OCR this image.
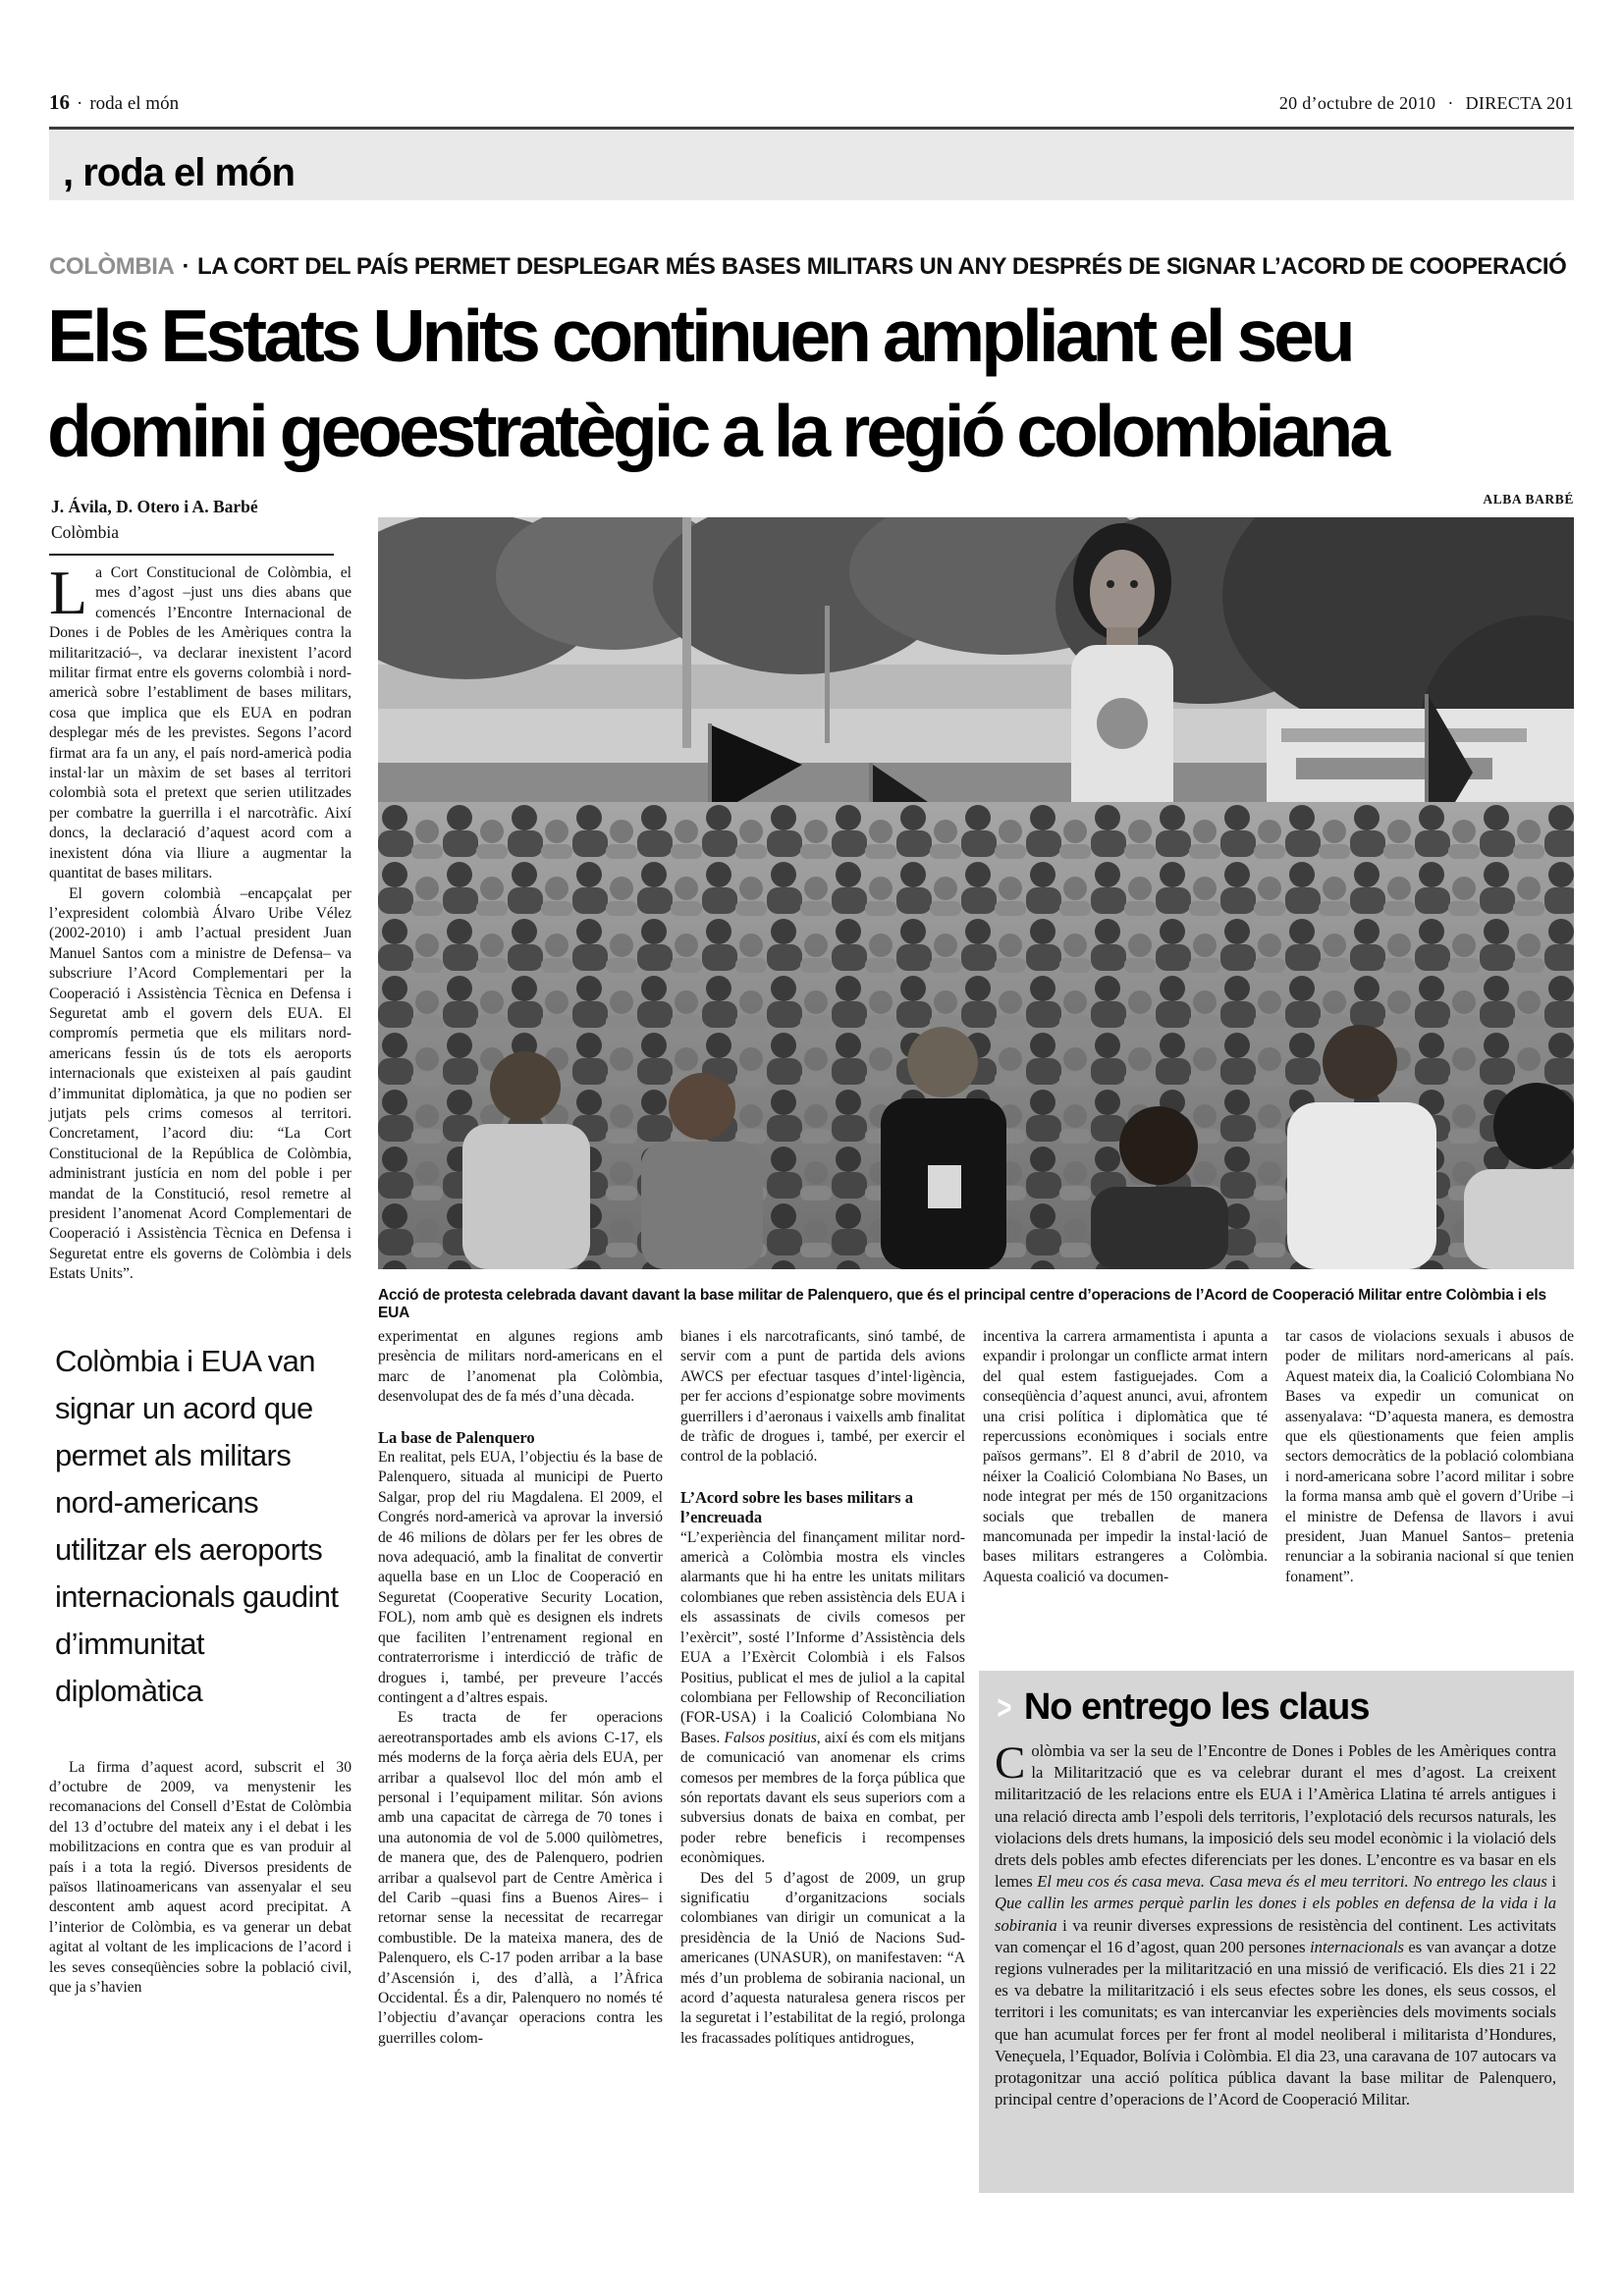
16 · roda el món	20 d’octubre de 2010 · DIRECTA 201
, roda el món
COLÒMBIA · LA CORT DEL PAÍS PERMET DESPLEGAR MÉS BASES MILITARS UN ANY DESPRÉS DE SIGNAR L’ACORD DE COOPERACIÓ
Els Estats Units continuen ampliant el seu domini geoestratègic a la regió colombiana
J. Ávila, D. Otero i A. Barbé
Colòmbia
ALBA BARBÉ
Acció de protesta celebrada davant davant la base militar de Palenquero, que és el principal centre d’operacions de l’Acord de Cooperació Militar entre Colòmbia i els EUA

La Cort Constitucional de Colòmbia, el mes d’agost –just uns dies abans que comencés l’Encontre Internacional de Dones i de Pobles de les Amèriques contra la militarització–, va declarar inexistent l’acord militar firmat entre els governs colombià i nord-americà sobre l’establiment de bases militars, cosa que implica que els EUA en podran desplegar més de les previstes. Segons l’acord firmat ara fa un any, el país nord-americà podia instal·lar un màxim de set bases al territori colombià sota el pretext que serien utilitzades per combatre la guerrilla i el narcotràfic. Així doncs, la declaració d’aquest acord com a inexistent dóna via lliure a augmentar la quantitat de bases militars.

El govern colombià –encapçalat per l’expresident colombià Álvaro Uribe Vélez (2002-2010) i amb l’actual president Juan Manuel Santos com a ministre de Defensa– va subscriure l’Acord Complementari per la Cooperació i Assistència Tècnica en Defensa i Seguretat amb el govern dels EUA. El compromís permetia que els militars nord-americans fessin ús de tots els aeroports internacionals que existeixen al país gaudint d’immunitat diplomàtica, ja que no podien ser jutjats pels crims comesos al territori. Concretament, l’acord diu: “La Cort Constitucional de la República de Colòmbia, administrant justícia en nom del poble i per mandat de la Constitució, resol remetre al president l’anomenat Acord Complementari de Cooperació i Assistència Tècnica en Defensa i Seguretat entre els governs de Colòmbia i dels Estats Units”.

Colòmbia i EUA van signar un acord que permet als militars nord-americans utilitzar els aeroports internacionals gaudint d’immunitat diplomàtica

La firma d’aquest acord, subscrit el 30 d’octubre de 2009, va menystenir les recomanacions del Consell d’Estat de Colòmbia del 13 d’octubre del mateix any i el debat i les mobilitzacions en contra que es van produir al país i a tota la regió. Diversos presidents de països llatinoamericans van assenyalar el seu descontent amb aquest acord precipitat. A l’interior de Colòmbia, es va generar un debat agitat al voltant de les implicacions de l’acord i les seves conseqüències sobre la població civil, que ja s’havien

experimentat en algunes regions amb presència de militars nord-americans en el marc de l’anomenat pla Colòmbia, desenvolupat des de fa més d’una dècada.

La base de Palenquero

En realitat, pels EUA, l’objectiu és la base de Palenquero, situada al municipi de Puerto Salgar, prop del riu Magdalena. El 2009, el Congrés nord-americà va aprovar la inversió de 46 milions de dòlars per fer les obres de nova adequació, amb la finalitat de convertir aquella base en un Lloc de Cooperació en Seguretat (Cooperative Security Location, FOL), nom amb què es designen els indrets que faciliten l’entrenament regional en contraterrorisme i interdicció de tràfic de drogues i, també, per preveure l’accés contingent a d’altres espais.

Es tracta de fer operacions aereotransportades amb els avions C-17, els més moderns de la força aèria dels EUA, per arribar a qualsevol lloc del món amb el personal i l’equipament militar. Són avions amb una capacitat de càrrega de 70 tones i una autonomia de vol de 5.000 quilòmetres, de manera que, des de Palenquero, podrien arribar a qualsevol part de Centre Amèrica i del Carib –quasi fins a Buenos Aires– i retornar sense la necessitat de recarregar combustible. De la mateixa manera, des de Palenquero, els C-17 poden arribar a la base d’Ascensión i, des d’allà, a l’Àfrica Occidental. És a dir, Palenquero no només té l’objectiu d’avançar operacions contra les guerrilles colom-

bianes i els narcotraficants, sinó també, de servir com a punt de partida dels avions AWCS per efectuar tasques d’intel·ligència, per fer accions d’espionatge sobre moviments guerrillers i d’aeronaus i vaixells amb finalitat de tràfic de drogues i, també, per exercir el control de la població.

L’Acord sobre les bases militars a l’encreuada

“L’experiència del finançament militar nord-americà a Colòmbia mostra els vincles alarmants que hi ha entre les unitats militars colombianes que reben assistència dels EUA i els assassinats de civils comesos per l’exèrcit”, sosté l’Informe d’Assistència dels EUA a l’Exèrcit Colombià i els Falsos Positius, publicat el mes de juliol a la capital colombiana per Fellowship of Reconciliation (FOR-USA) i la Coalició Colombiana No Bases. Falsos positius, així és com els mitjans de comunicació van anomenar els crims comesos per membres de la força pública que són reportats davant els seus superiors com a subversius donats de baixa en combat, per poder rebre beneficis i recompenses econòmiques.

Des del 5 d’agost de 2009, un grup significatiu d’organitzacions socials colombianes van dirigir un comunicat a la presidència de la Unió de Nacions Sud-americanes (UNASUR), on manifestaven: “A més d’un problema de sobirania nacional, un acord d’aquesta naturalesa genera riscos per la seguretat i l’estabilitat de la regió, prolonga les fracassades polítiques antidrogues,

incentiva la carrera armamentista i apunta a expandir i prolongar un conflicte armat intern del qual estem fastiguejades. Com a conseqüència d’aquest anunci, avui, afrontem una crisi política i diplomàtica que té repercussions econòmiques i socials entre països germans”. El 8 d’abril de 2010, va néixer la Coalició Colombiana No Bases, un node integrat per més de 150 organitzacions socials que treballen de manera mancomunada per impedir la instal·lació de bases militars estrangeres a Colòmbia. Aquesta coalició va documen-

tar casos de violacions sexuals i abusos de poder de militars nord-americans al país. Aquest mateix dia, la Coalició Colombiana No Bases va expedir un comunicat on assenyalava: “D’aquesta manera, es demostra que els qüestionaments que feien amplis sectors democràtics de la població colombiana i nord-americana sobre l’acord militar i sobre la forma mansa amb què el govern d’Uribe –i el ministre de Defensa de llavors i avui president, Juan Manuel Santos– pretenia renunciar a la sobirania nacional sí que tenien fonament”.

> No entrego les claus

Colòmbia va ser la seu de l’Encontre de Dones i Pobles de les Amèriques contra la Militarització que es va celebrar durant el mes d’agost. La creixent militarització de les relacions entre els EUA i l’Amèrica Llatina té arrels antigues i una relació directa amb l’espoli dels territoris, l’explotació dels recursos naturals, les violacions dels drets humans, la imposició dels seu model econòmic i la violació dels drets dels pobles amb efectes diferenciats per les dones. L’encontre es va basar en els lemes El meu cos és casa meva. Casa meva és el meu territori. No entrego les claus i Que callin les armes perquè parlin les dones i els pobles en defensa de la vida i la sobirania i va reunir diverses expressions de resistència del continent. Les activitats van començar el 16 d’agost, quan 200 persones internacionals es van avançar a dotze regions vulnerades per la militarització en una missió de verificació. Els dies 21 i 22 es va debatre la militarització i els seus efectes sobre les dones, els seus cossos, el territori i les comunitats; es van intercanviar les experiències dels moviments socials que han acumulat forces per fer front al model neoliberal i militarista d’Hondures, Veneçuela, l’Equador, Bolívia i Colòmbia. El dia 23, una caravana de 107 autocars va protagonitzar una acció política pública davant la base militar de Palenquero, principal centre d’operacions de l’Acord de Cooperació Militar.
